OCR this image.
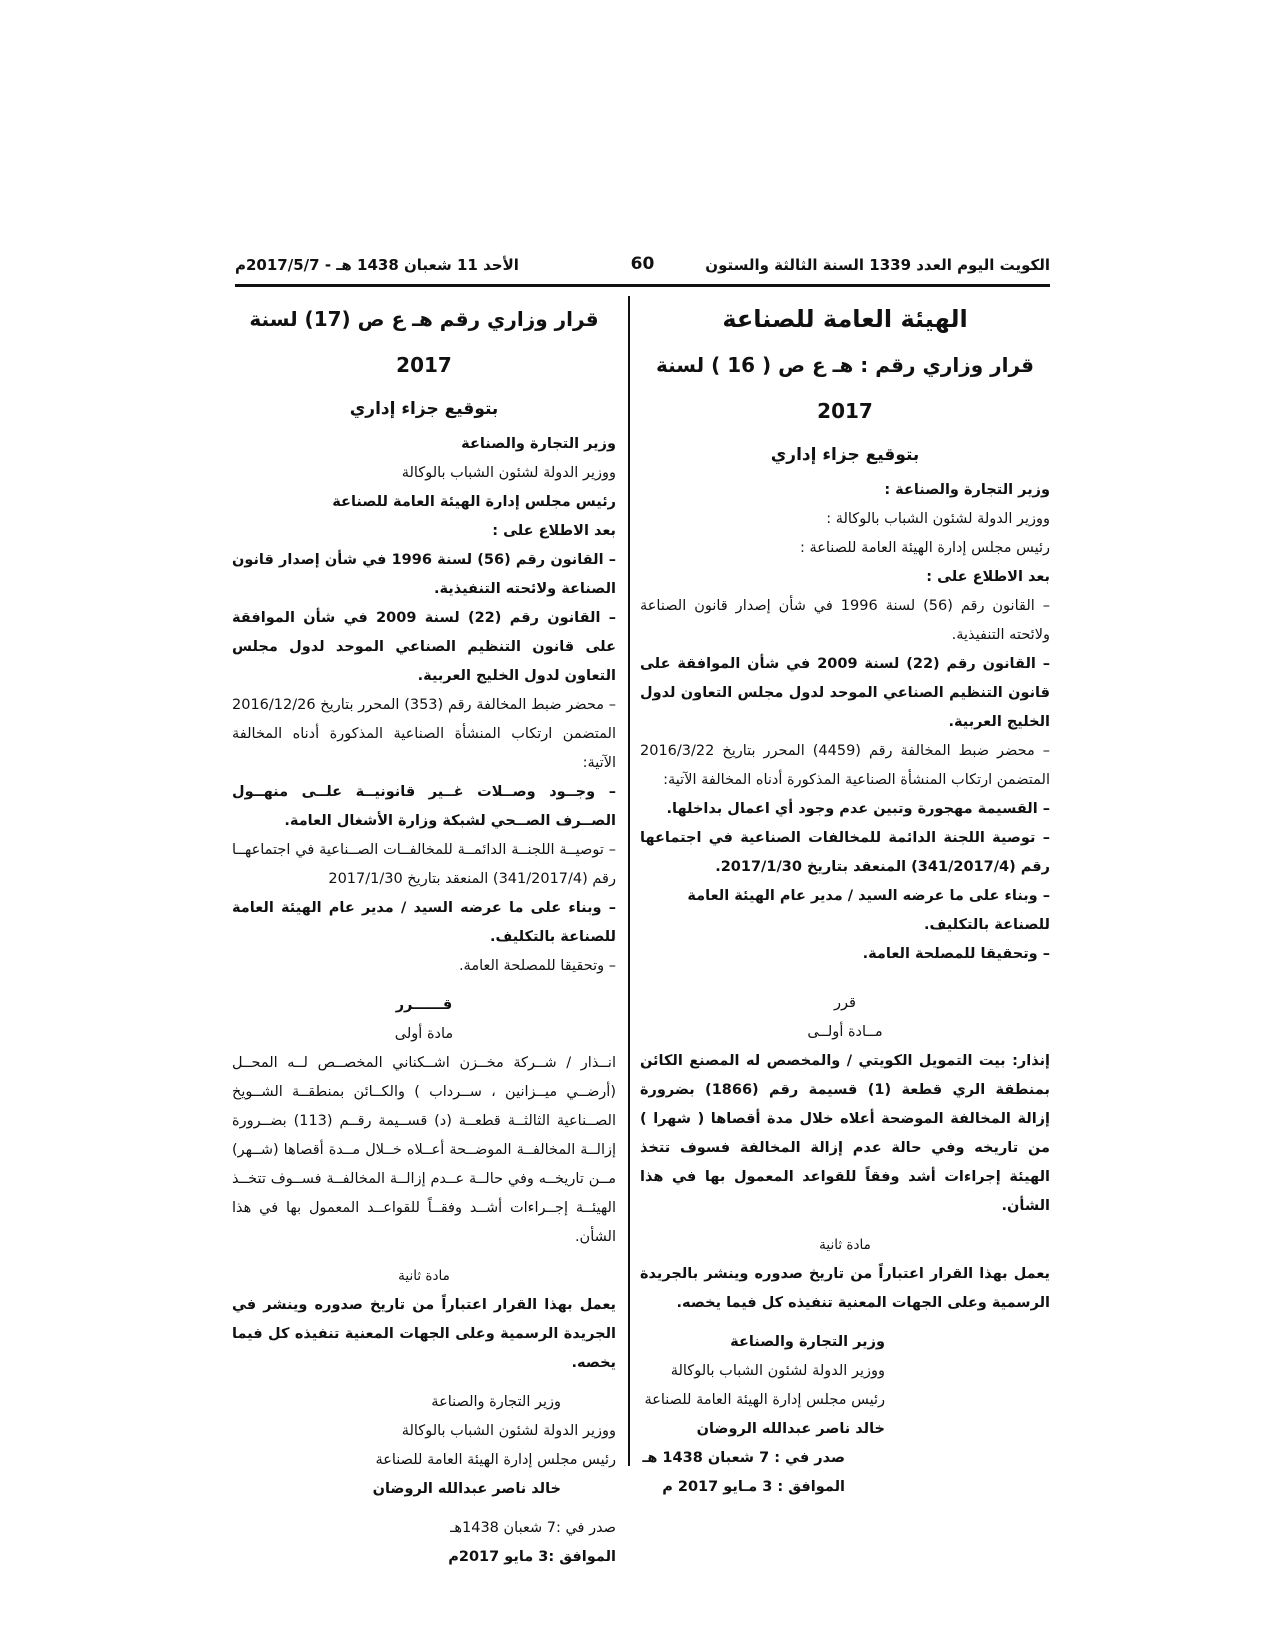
الكويت اليوم العدد 1339 السنة الثالثة والستون
60
الأحد 11 شعبان 1438 هـ - 2017/5/7م

الهيئة العامة للصناعة

قرار وزاري رقم : هـ ع ص ( 16 ) لسنة 2017

بتوقيع جزاء إداري

وزير التجارة والصناعة :

ووزير الدولة لشئون الشباب بالوكالة :

رئيس مجلس إدارة الهيئة العامة للصناعة :

بعد الاطلاع على :

– القانون رقم (56) لسنة 1996 في شأن إصدار قانون الصناعة ولائحته التنفيذية.

– القانون رقم (22) لسنة 2009 في شأن الموافقة على قانون التنظيم الصناعي الموحد لدول مجلس التعاون لدول الخليج العربية.

– محضر ضبط المخالفة رقم (4459) المحرر بتاريخ 2016/3/22 المتضمن ارتكاب المنشأة الصناعية المذكورة أدناه المخالفة الآتية:

– القسيمة مهجورة وتبين عدم وجود أي اعمال بداخلها.

– توصية اللجنة الدائمة للمخالفات الصناعية في اجتماعها رقم (341/2017/4) المنعقد بتاريخ 2017/1/30.

– وبناء على ما عرضه السيد / مدير عام الهيئة العامة للصناعة بالتكليف.

– وتحقيقا للمصلحة العامة.

قرر

مــادة أولــى

إنذار: بيت التمويل الكويتي / والمخصص له المصنع الكائن بمنطقة الري قطعة (1) قسيمة رقم (1866) بضرورة إزالة المخالفة الموضحة أعلاه خلال مدة أقصاها ( شهرا ) من تاريخه وفي حالة عدم إزالة المخالفة فسوف تتخذ الهيئة إجراءات أشد وفقاً للقواعد المعمول بها في هذا الشأن.

مادة ثانية

يعمل بهذا القرار اعتباراً من تاريخ صدوره وينشر بالجريدة الرسمية وعلى الجهات المعنية تنفيذه كل فيما يخصه.

وزير التجارة والصناعة

ووزير الدولة لشئون الشباب بالوكالة

رئيس مجلس إدارة الهيئة العامة للصناعة

خالد ناصر عبدالله الروضان

صدر في : 7 شعبان 1438 هـ

الموافق : 3 مـايو 2017 م

قرار وزاري رقم هـ ع ص (17) لسنة 2017

بتوقيع جزاء إداري

وزير التجارة والصناعة

ووزير الدولة لشئون الشباب بالوكالة

رئيس مجلس إدارة الهيئة العامة للصناعة

بعد الاطلاع على :

– القانون رقم (56) لسنة 1996 في شأن إصدار قانون الصناعة ولائحته التنفيذية.

– القانون رقم (22) لسنة 2009 في شأن الموافقة على قانون التنظيم الصناعي الموحد لدول مجلس التعاون لدول الخليج العربية.

– محضر ضبط المخالفة رقم (353) المحرر بتاريخ 2016/12/26 المتضمن ارتكاب المنشأة الصناعية المذكورة أدناه المخالفة الآتية:

– وجــود وصــلات غــير قانونيــة علــى منهــول الصــرف الصــحي لشبكة وزارة الأشغال العامة.

– توصيــة اللجنــة الدائمــة للمخالفــات الصــناعية في اجتماعهــا رقم (341/2017/4) المنعقد بتاريخ 2017/1/30

– وبناء على ما عرضه السيد / مدير عام الهيئة العامة للصناعة بالتكليف.

– وتحقيقا للمصلحة العامة.

قــــــرر

مادة أولى

انــذار / شــركة مخــزن اشــكناني المخصــص لــه المحــل (أرضــي ميــزانين ، ســرداب ) والكــائن بمنطقــة الشــويخ الصــناعية الثالثــة قطعــة (د) قســيمة رقــم (113) بضــرورة إزالــة المخالفــة الموضــحة أعــلاه خــلال مــدة أقصاها (شــهر) مــن تاريخــه وفي حالــة عــدم إزالــة المخالفــة فســوف تتخــذ الهيئــة إجــراءات أشــد وفقــاً للقواعــد المعمول بها في هذا الشأن.

مادة ثانية

يعمل بهذا القرار اعتباراً من تاريخ صدوره وينشر في الجريدة الرسمية وعلى الجهات المعنية تنفيذه كل فيما يخصه.

وزير التجارة والصناعة

ووزير الدولة لشئون الشباب بالوكالة

رئيس مجلس إدارة الهيئة العامة للصناعة

خالد ناصر عبدالله الروضان

صدر في :7 شعبان 1438هـ

الموافق :3 مايو 2017م
